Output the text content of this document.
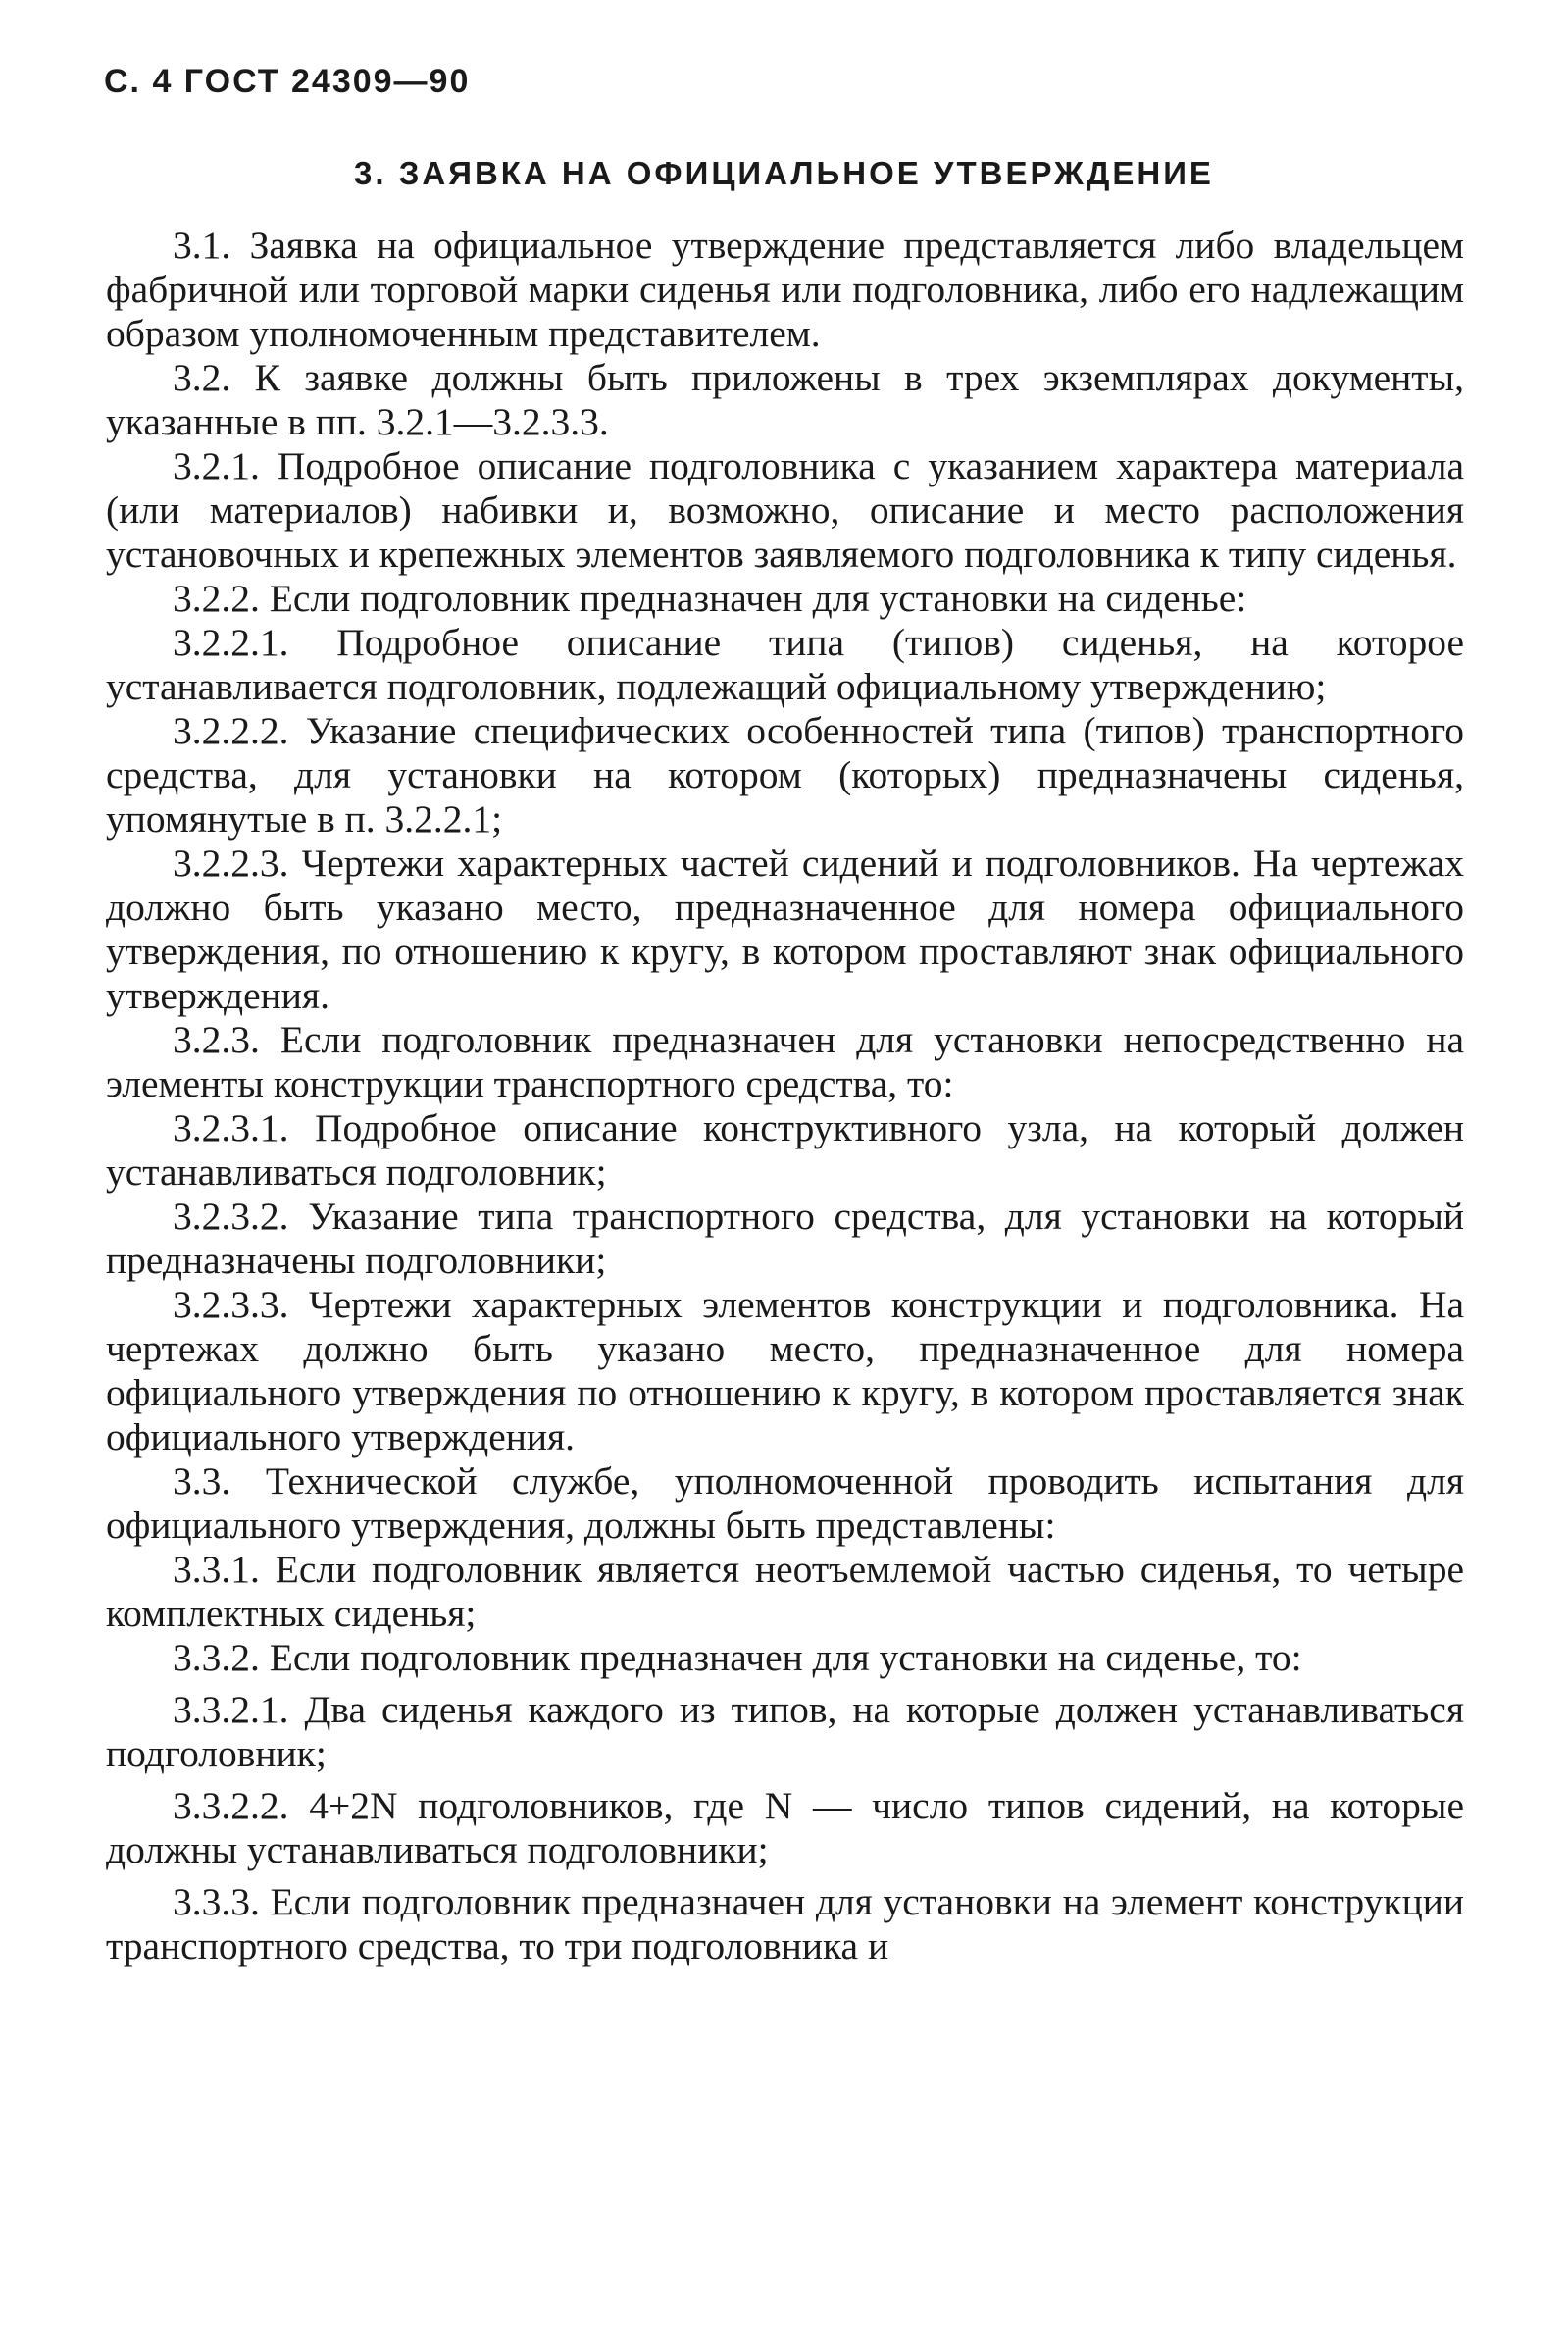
С. 4 ГОСТ 24309—90
3. ЗАЯВКА НА ОФИЦИАЛЬНОЕ УТВЕРЖДЕНИЕ

3.1. Заявка на официальное утверждение представляется либо владельцем фабричной или торговой марки сиденья или подголовника, либо его надлежащим образом уполномоченным представителем.

3.2. К заявке должны быть приложены в трех экземплярах документы, указанные в пп. 3.2.1—3.2.3.3.

3.2.1. Подробное описание подголовника с указанием характера материала (или материалов) набивки и, возможно, описание и место расположения установочных и крепежных элементов заявляемого подголовника к типу сиденья.

3.2.2. Если подголовник предназначен для установки на сиденье:

3.2.2.1. Подробное описание типа (типов) сиденья, на которое устанавливается подголовник, подлежащий официальному утверждению;

3.2.2.2. Указание специфических особенностей типа (типов) транспортного средства, для установки на котором (которых) предназначены сиденья, упомянутые в п. 3.2.2.1;

3.2.2.3. Чертежи характерных частей сидений и подголовников. На чертежах должно быть указано место, предназначенное для номера официального утверждения, по отношению к кругу, в котором проставляют знак официального утверждения.

3.2.3. Если подголовник предназначен для установки непосредственно на элементы конструкции транспортного средства, то:

3.2.3.1. Подробное описание конструктивного узла, на который должен устанавливаться подголовник;

3.2.3.2. Указание типа транспортного средства, для установки на который предназначены подголовники;

3.2.3.3. Чертежи характерных элементов конструкции и подголовника. На чертежах должно быть указано место, предназначенное для номера официального утверждения по отношению к кругу, в котором проставляется знак официального утверждения.

3.3. Технической службе, уполномоченной проводить испытания для официального утверждения, должны быть представлены:

3.3.1. Если подголовник является неотъемлемой частью сиденья, то четыре комплектных сиденья;

3.3.2. Если подголовник предназначен для установки на сиденье, то:

3.3.2.1. Два сиденья каждого из типов, на которые должен устанавливаться подголовник;

3.3.2.2. 4+2N подголовников, где N — число типов сидений, на которые должны устанавливаться подголовники;

3.3.3. Если подголовник предназначен для установки на элемент конструкции транспортного средства, то три подголовника и
